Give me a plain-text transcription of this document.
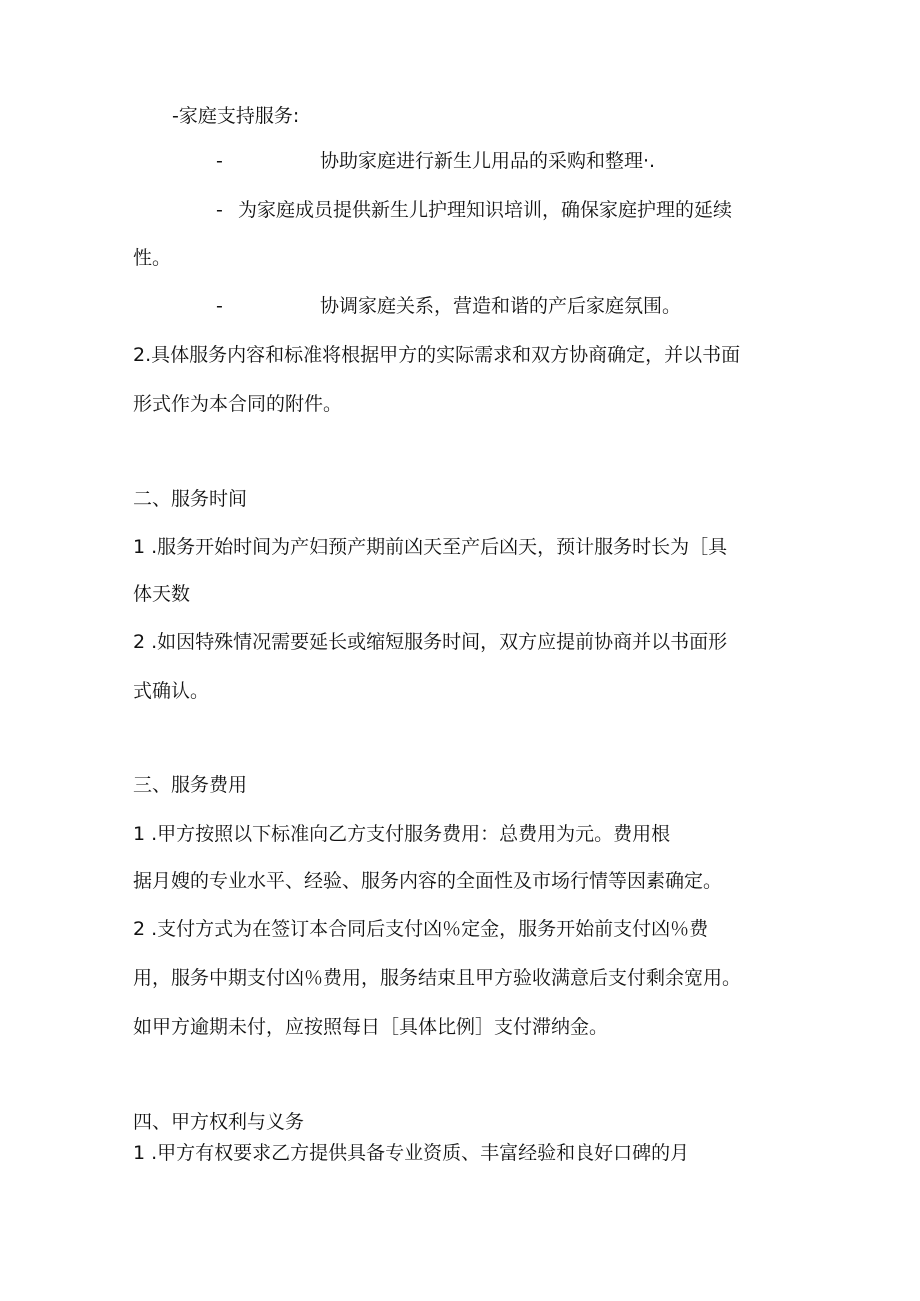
-家庭支持服务:

-	协助家庭进行新生儿用品的采购和整理·.

- 为家庭成员提供新生儿护理知识培训，确保家庭护理的延续

性。

-	协调家庭关系，营造和谐的产后家庭氛围。

2.具体服务内容和标准将根据甲方的实际需求和双方协商确定，并以书面

形式作为本合同的附件。

二、服务时间

1 .服务开始时间为产妇预产期前凶天至产后凶天，预计服务时长为［具

体天数

2 .如因特殊情况需要延长或缩短服务时间，双方应提前协商并以书面形

式确认。

三、服务费用

1 .甲方按照以下标准向乙方支付服务费用：总费用为元。费用根

据月嫂的专业水平、经验、服务内容的全面性及市场行情等因素确定。

2 .支付方式为在签订本合同后支付凶％定金，服务开始前支付凶％费

用，服务中期支付凶％费用，服务结束且甲方验收满意后支付剩余宽用。

如甲方逾期未付，应按照每日［具体比例］支付滞纳金。

四、甲方权利与义务

1 .甲方有权要求乙方提供具备专业资质、丰富经验和良好口碑的月
